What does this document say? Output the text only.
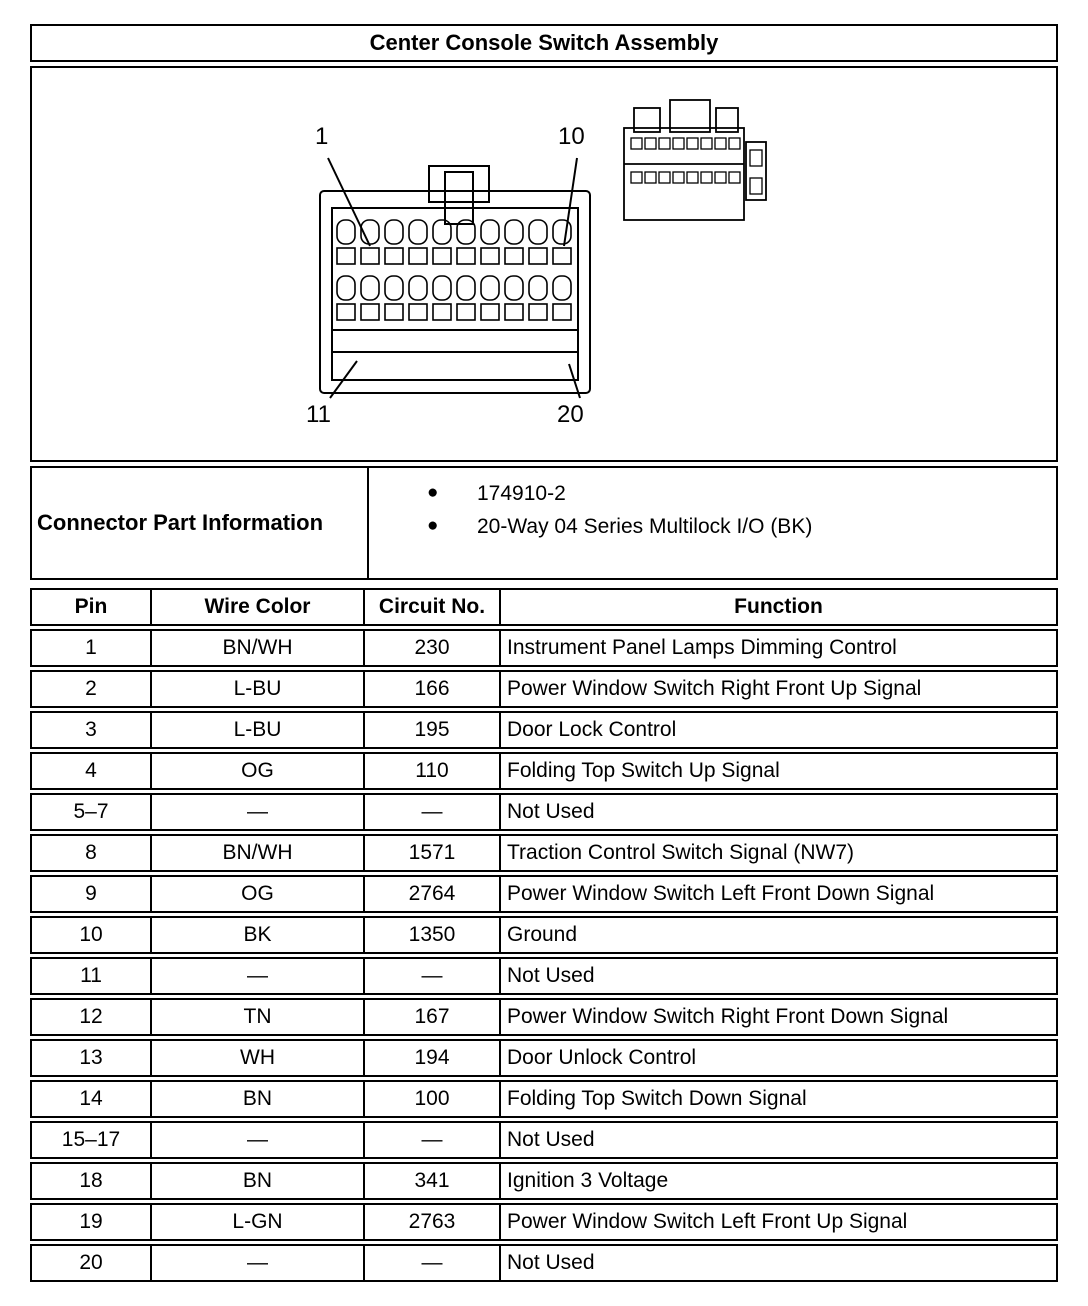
Center Console Switch Assembly
1	10
11	20
Connector Part Information
●	174910-2
●	20-Way 04 Series Multilock I/O (BK)
Pin	Wire Color	Circuit No.	Function
1	BN/WH	230	Instrument Panel Lamps Dimming Control
2	L-BU	166	Power Window Switch Right Front Up Signal
3	L-BU	195	Door Lock Control
4	OG	110	Folding Top Switch Up Signal
5–7	—	—	Not Used
8	BN/WH	1571	Traction Control Switch Signal (NW7)
9	OG	2764	Power Window Switch Left Front Down Signal
10	BK	1350	Ground
11	—	—	Not Used
12	TN	167	Power Window Switch Right Front Down Signal
13	WH	194	Door Unlock Control
14	BN	100	Folding Top Switch Down Signal
15–17	—	—	Not Used
18	BN	341	Ignition 3 Voltage
19	L-GN	2763	Power Window Switch Left Front Up Signal
20	—	—	Not Used
